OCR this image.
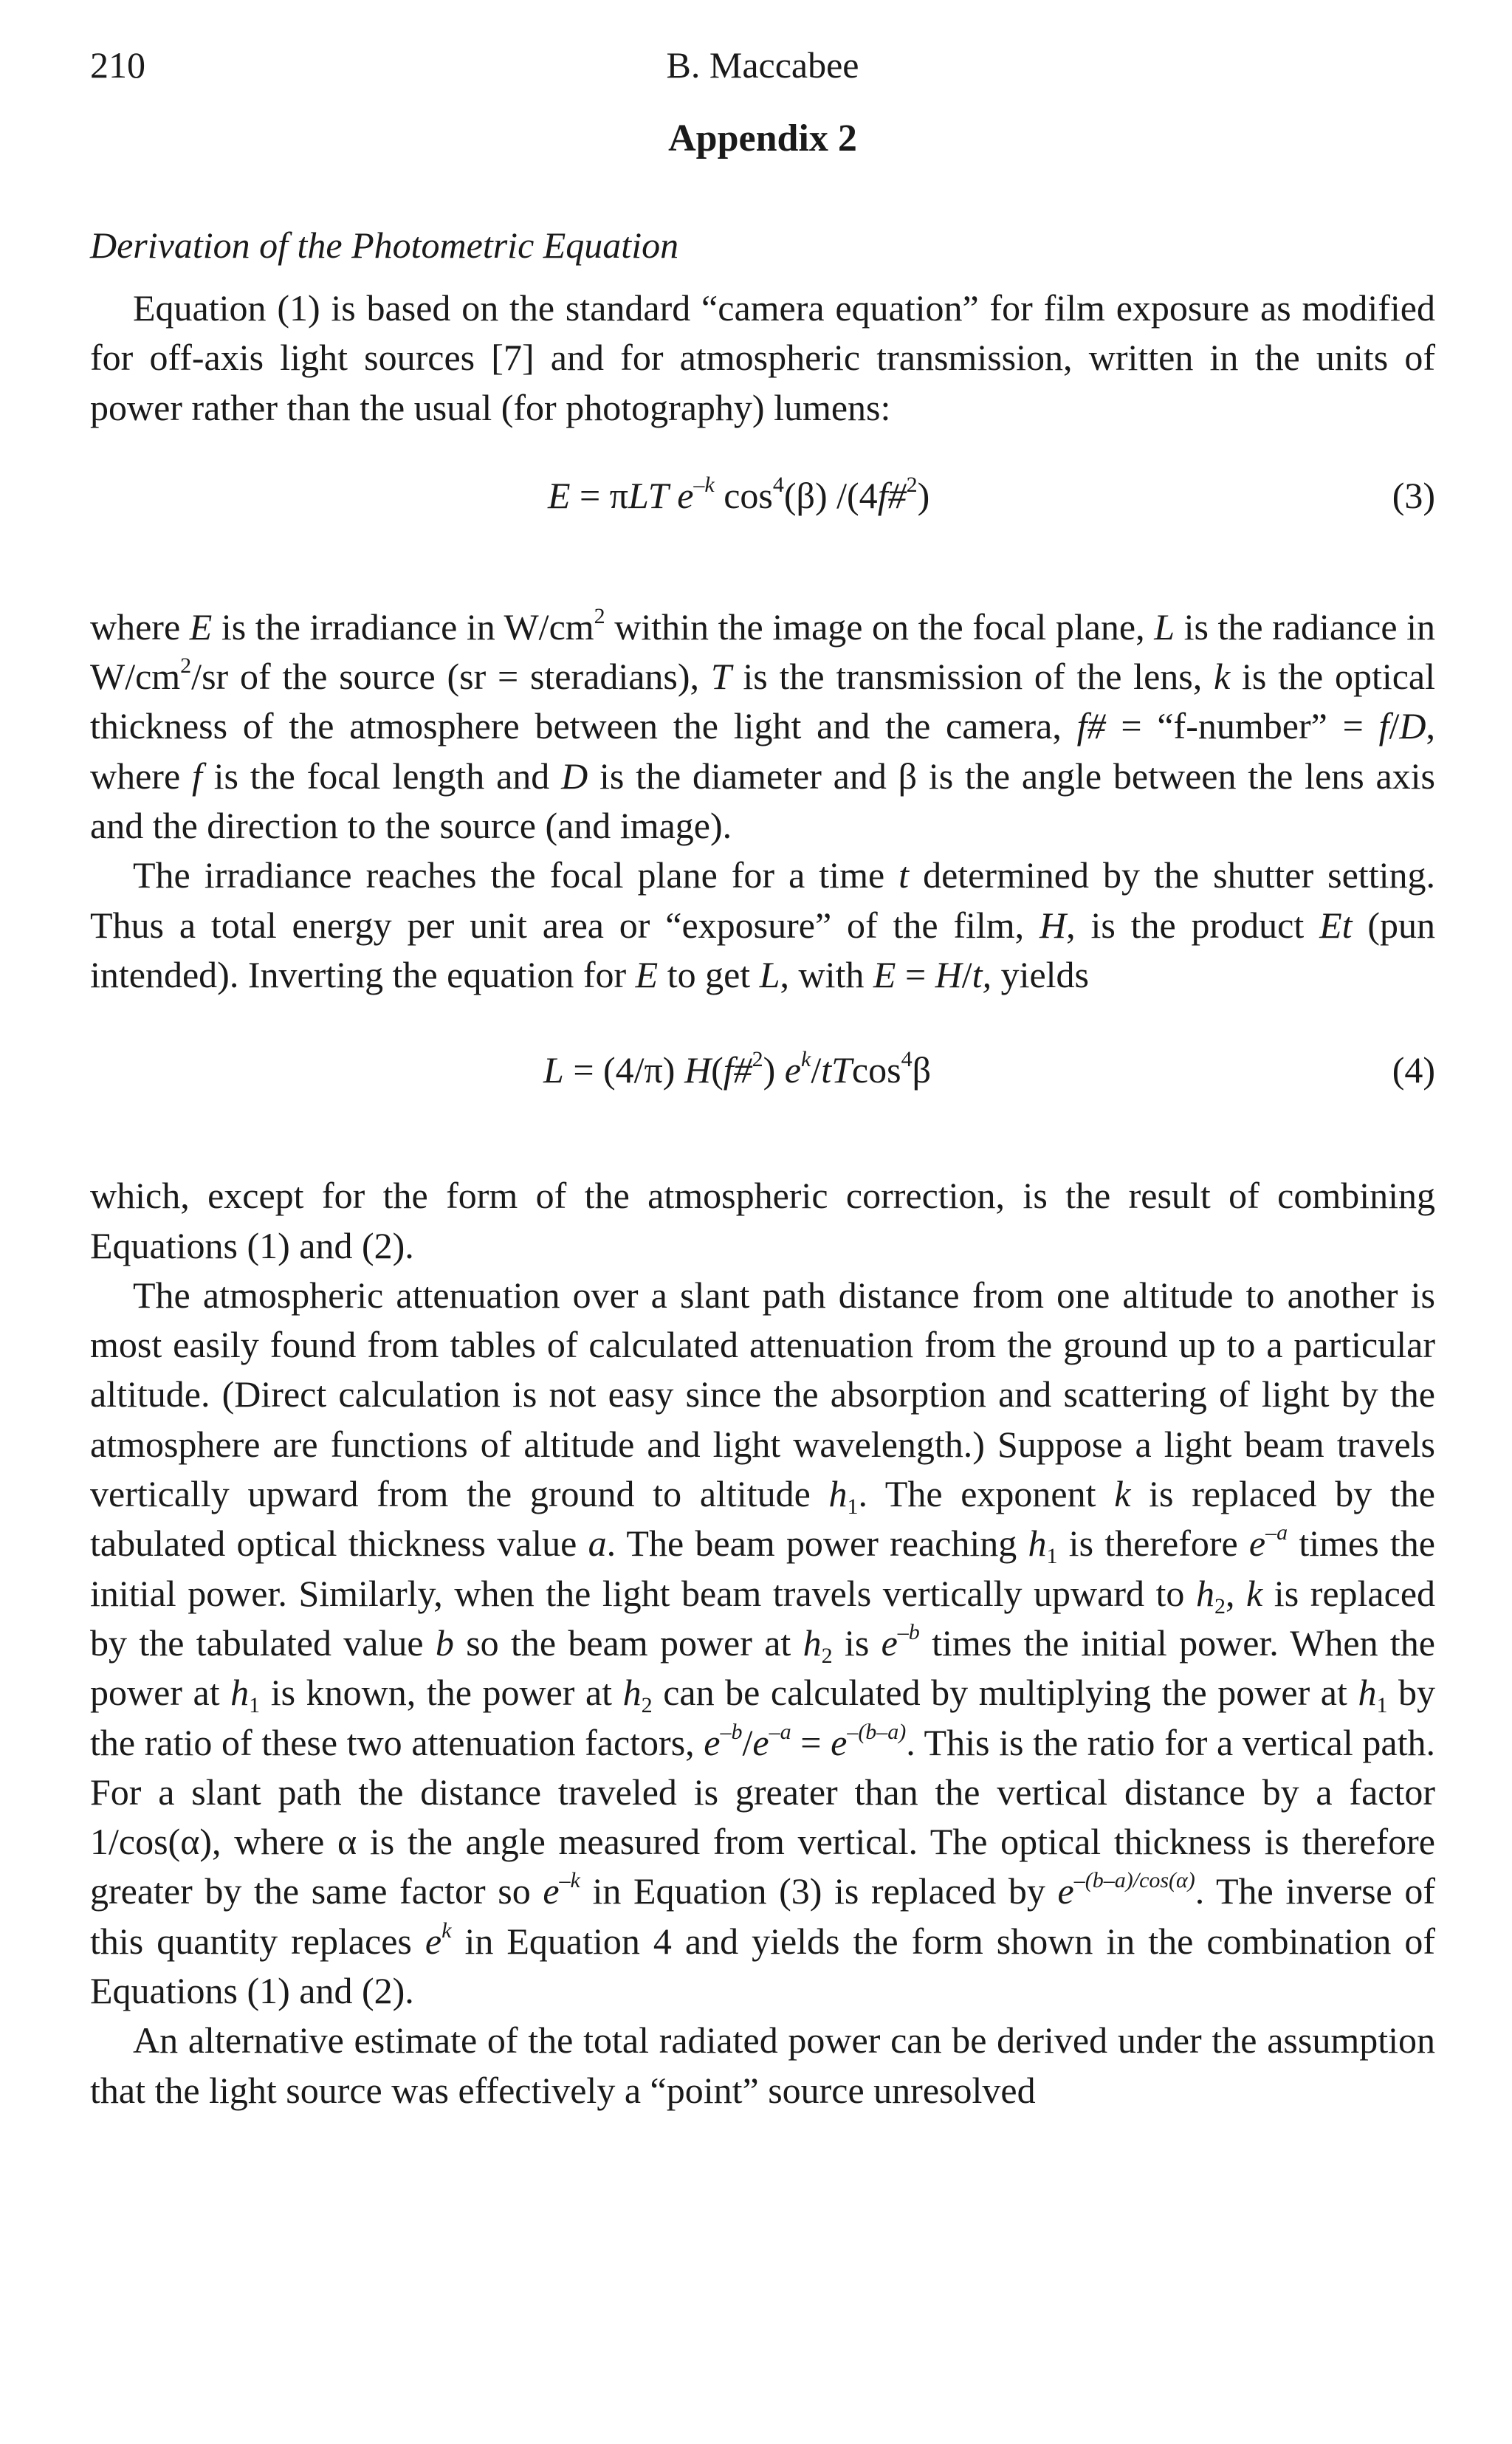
210	B. Maccabee
Appendix 2
Derivation of the Photometric Equation

Equation (1) is based on the standard “camera equation” for film exposure as modified for off-axis light sources [7] and for atmospheric transmission, written in the units of power rather than the usual (for photography) lumens:

E = πLT $e^{-k}$ $\cos^4(\beta)$ /(4f#$^2$)	(3)

where E is the irradiance in $W/cm^2$ within the image on the focal plane, L is the radiance in $W/cm^2/sr$ of the source (sr = steradians), T is the transmission of the lens, k is the optical thickness of the atmosphere between the light and the camera, f# = “f-number” = f/D, where f is the focal length and D is the diameter and β is the angle between the lens axis and the direction to the source (and image).

The irradiance reaches the focal plane for a time t determined by the shutter setting. Thus a total energy per unit area or “exposure” of the film, H, is the product Et (pun intended). Inverting the equation for E to get L, with E = H/t, yields

L = (4/π) H(f#$^2$) $e^k/tTcos^4\beta$	(4)

which, except for the form of the atmospheric correction, is the result of combining Equations (1) and (2).

The atmospheric attenuation over a slant path distance from one altitude to another is most easily found from tables of calculated attenuation from the ground up to a particular altitude. (Direct calculation is not easy since the absorption and scattering of light by the atmosphere are functions of altitude and light wavelength.) Suppose a light beam travels vertically upward from the ground to altitude $h_1$. The exponent k is replaced by the tabulated optical thickness value a. The beam power reaching $h_1$ is therefore $e^{-a}$ times the initial power. Similarly, when the light beam travels vertically upward to $h_2$, k is replaced by the tabulated value b so the beam power at $h_2$ is $e^{-b}$ times the initial power. When the power at $h_1$ is known, the power at $h_2$ can be calculated by multiplying the power at $h_1$ by the ratio of these two attenuation factors, $e^{-b}/e^{-a} = e^{-(b-a)}$. This is the ratio for a vertical path. For a slant path the distance traveled is greater than the vertical distance by a factor 1/cos(α), where α is the angle measured from vertical. The optical thickness is therefore greater by the same factor so $e^{-k}$ in Equation (3) is replaced by $e^{-(b-a)/cos(\alpha)}$. The inverse of this quantity replaces $e^k$ in Equation 4 and yields the form shown in the combination of Equations (1) and (2).

An alternative estimate of the total radiated power can be derived under the assumption that the light source was effectively a “point” source unresolved
